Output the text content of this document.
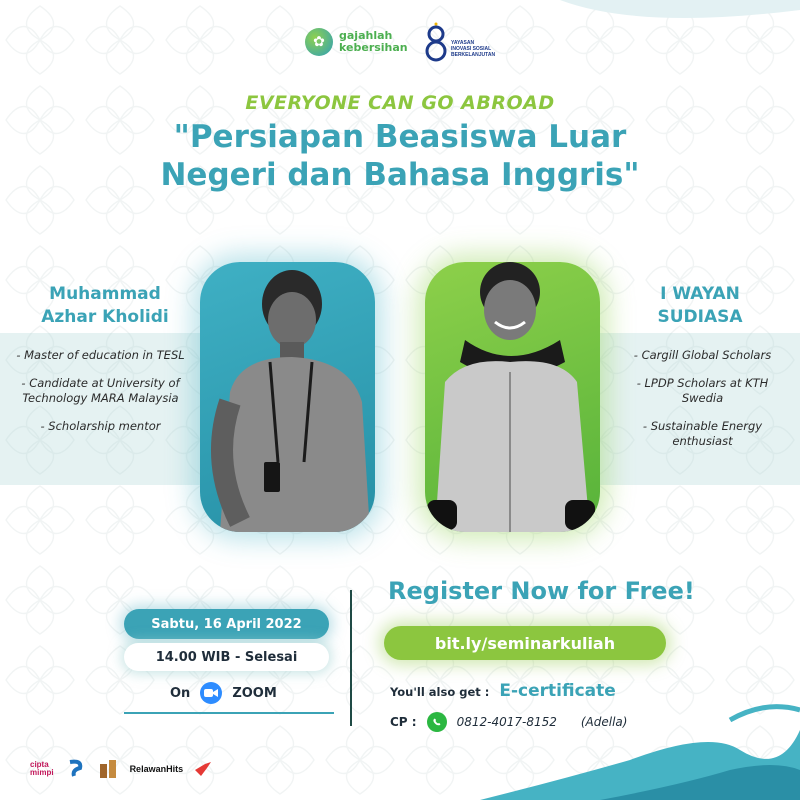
✿	gajahlah
kebersihan	YAYASAN
INOVASI SOSIAL
BERKELANJUTAN
EVERYONE CAN GO ABROAD
"Persiapan Beasiswa Luar
Negeri dan Bahasa Inggris"
Muhammad
Azhar Kholidi
- Master of education in TESL
- Candidate at University of Technology MARA Malaysia
- Scholarship mentor
I WAYAN
SUDIASA
- Cargill Global Scholars
- LPDP Scholars at KTH Swedia
- Sustainable Energy enthusiast
Sabtu, 16 April 2022
14.00 WIB - Selesai
On	ZOOM
Register Now for Free!
bit.ly/seminarkuliah
You'll also get : E-certificate
CP :	0812-4017-8152 (Adella)
cipta
mimpi	RelawanHits
